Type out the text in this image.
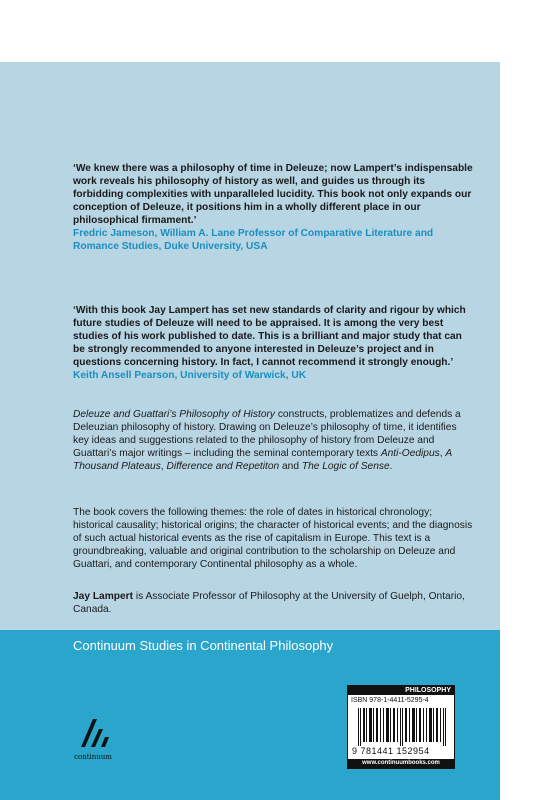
‘We knew there was a philosophy of time in Deleuze; now Lampert’s indispensable work reveals his philosophy of history as well, and guides us through its forbidding complexities with unparalleled lucidity. This book not only expands our conception of Deleuze, it positions him in a wholly different place in our philosophical firmament.’

Fredric Jameson, William A. Lane Professor of Comparative Literature and Romance Studies, Duke University, USA

‘With this book Jay Lampert has set new standards of clarity and rigour by which future studies of Deleuze will need to be appraised. It is among the very best studies of his work published to date. This is a brilliant and major study that can be strongly recommended to anyone interested in Deleuze’s project and in questions concerning history. In fact, I cannot recommend it strongly enough.’

Keith Ansell Pearson, University of Warwick, UK

Deleuze and Guattari’s Philosophy of History constructs, problematizes and defends a Deleuzian philosophy of history. Drawing on Deleuze’s philosophy of time, it identifies key ideas and suggestions related to the philosophy of history from Deleuze and Guattari’s major writings – including the seminal contemporary texts Anti-Oedipus, A Thousand Plateaus, Difference and Repetiton and The Logic of Sense.

The book covers the following themes: the role of dates in historical chronology; historical causality; historical origins; the character of historical events; and the diagnosis of such actual historical events as the rise of capitalism in Europe. This text is a groundbreaking, valuable and original contribution to the scholarship on Deleuze and Guattari, and contemporary Continental philosophy as a whole.

Jay Lampert is Associate Professor of Philosophy at the University of Guelph, Ontario, Canada.

Continuum Studies in Continental Philosophy
continuum
PHILOSOPHY
ISBN 978-1-4411-5295-4
9 781441 152954
www.continuumbooks.com
